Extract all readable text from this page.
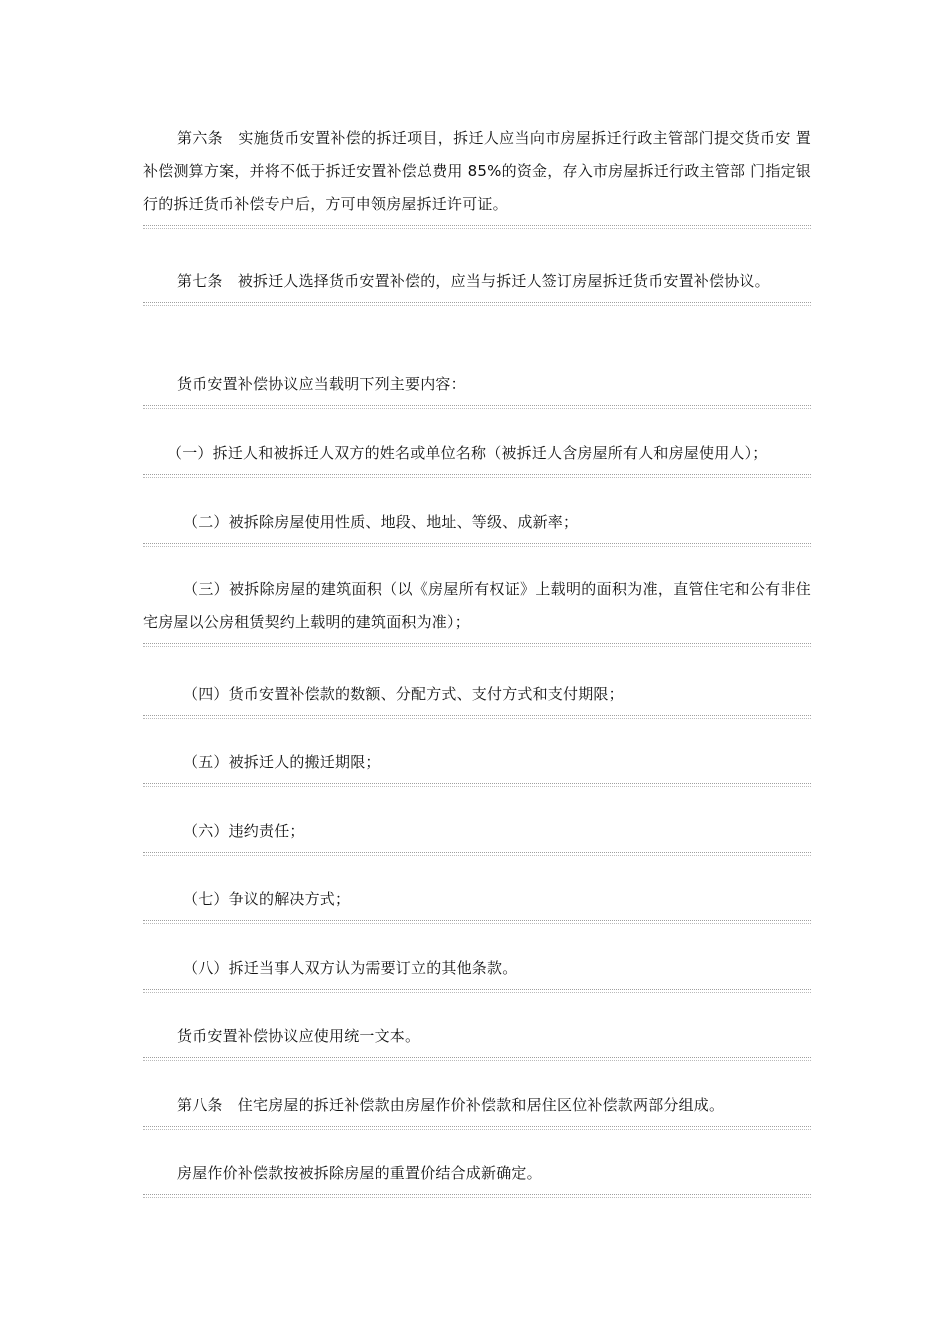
第六条　实施货币安置补偿的拆迁项目，拆迁人应当向市房屋拆迁行政主管部门提交货币安 置补偿测算方案，并将不低于拆迁安置补偿总费用 85%的资金，存入市房屋拆迁行政主管部 门指定银行的拆迁货币补偿专户后，方可申领房屋拆迁许可证。
第七条　被拆迁人选择货币安置补偿的，应当与拆迁人签订房屋拆迁货币安置补偿协议。
货币安置补偿协议应当载明下列主要内容：
（一）拆迁人和被拆迁人双方的姓名或单位名称（被拆迁人含房屋所有人和房屋使用人）；
（二）被拆除房屋使用性质、地段、地址、等级、成新率；
（三）被拆除房屋的建筑面积（以《房屋所有权证》上载明的面积为准，直管住宅和公有非住 宅房屋以公房租赁契约上载明的建筑面积为准）；
（四）货币安置补偿款的数额、分配方式、支付方式和支付期限；
（五）被拆迁人的搬迁期限；
（六）违约责任；
（七）争议的解决方式；
（八）拆迁当事人双方认为需要订立的其他条款。
货币安置补偿协议应使用统一文本。
第八条　住宅房屋的拆迁补偿款由房屋作价补偿款和居住区位补偿款两部分组成。
房屋作价补偿款按被拆除房屋的重置价结合成新确定。
